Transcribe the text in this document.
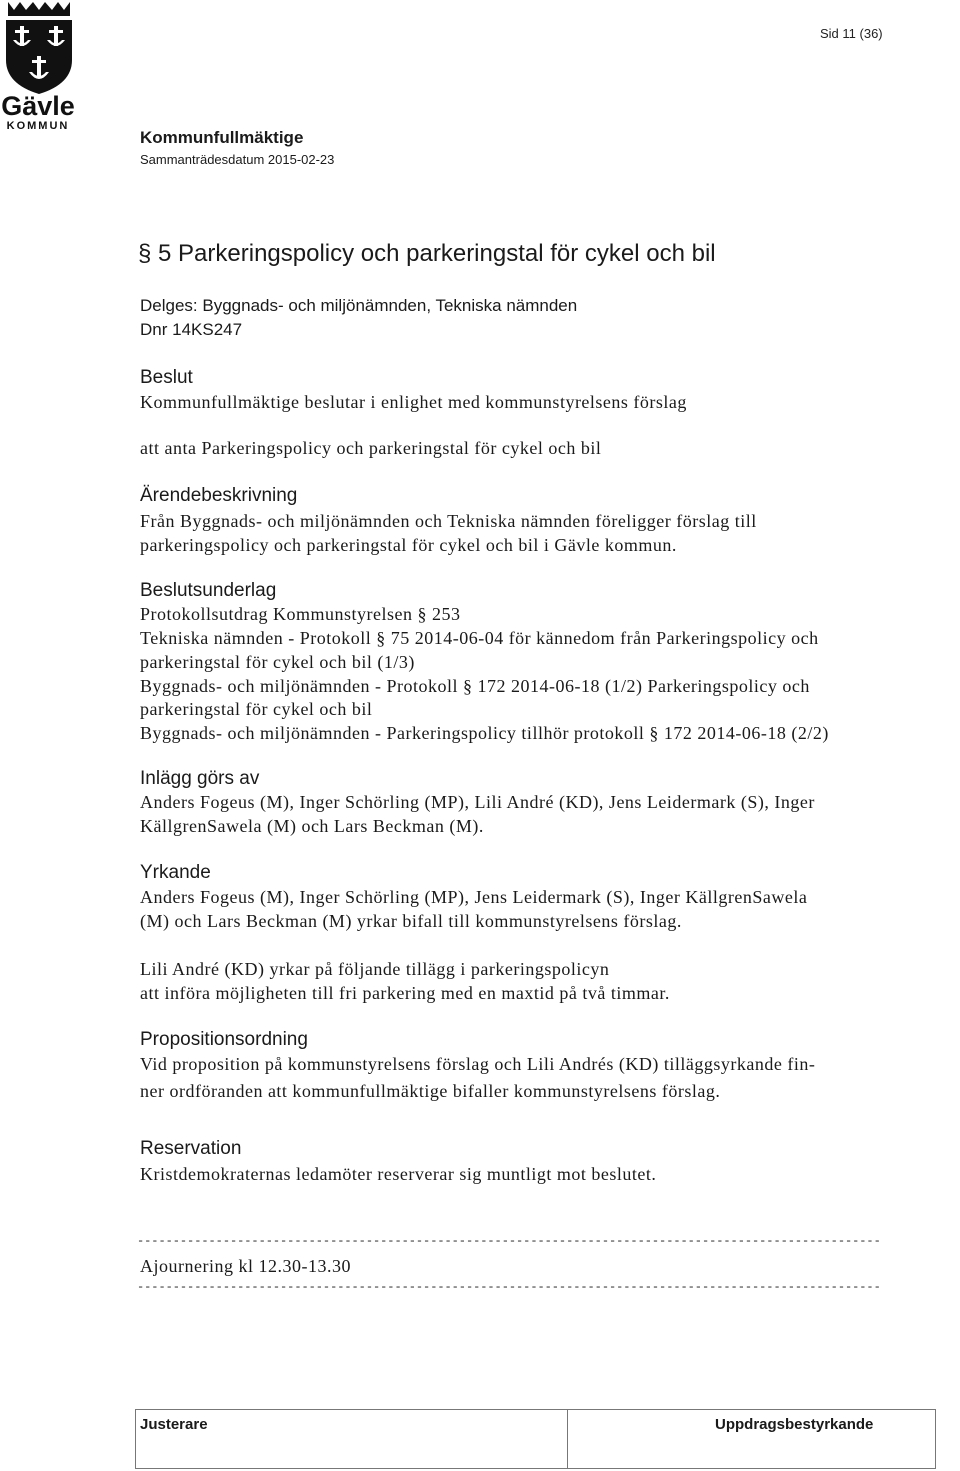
Gävle
KOMMUN
Sid 11 (36)
Kommunfullmäktige
Sammanträdesdatum 2015-02-23
§ 5 Parkeringspolicy och parkeringstal för cykel och bil
Delges: Byggnads- och miljönämnden, Tekniska nämnden
Dnr 14KS247
Beslut
Kommunfullmäktige beslutar i enlighet med kommunstyrelsens förslag
att anta Parkeringspolicy och parkeringstal för cykel och bil
Ärendebeskrivning
Från Byggnads- och miljönämnden och Tekniska nämnden föreligger förslag till
parkeringspolicy och parkeringstal för cykel och bil i Gävle kommun.
Beslutsunderlag
Protokollsutdrag Kommunstyrelsen § 253
Tekniska nämnden - Protokoll § 75 2014-06-04 för kännedom från Parkeringspolicy och
parkeringstal för cykel och bil (1/3)
Byggnads- och miljönämnden - Protokoll § 172 2014-06-18 (1/2) Parkeringspolicy och
parkeringstal för cykel och bil
Byggnads- och miljönämnden - Parkeringspolicy tillhör protokoll § 172 2014-06-18 (2/2)
Inlägg görs av
Anders Fogeus (M), Inger Schörling (MP), Lili André (KD), Jens Leidermark (S), Inger
KällgrenSawela (M) och Lars Beckman (M).
Yrkande
Anders Fogeus (M), Inger Schörling (MP), Jens Leidermark (S), Inger KällgrenSawela
(M) och Lars Beckman (M) yrkar bifall till kommunstyrelsens förslag.
Lili André (KD) yrkar på följande tillägg i parkeringspolicyn
att införa möjligheten till fri parkering med en maxtid på två timmar.
Propositionsordning
Vid proposition på kommunstyrelsens förslag och Lili Andrés (KD) tilläggsyrkande fin-
ner ordföranden att kommunfullmäktige bifaller kommunstyrelsens förslag.
Reservation
Kristdemokraternas ledamöter reserverar sig muntligt mot beslutet.
--------------------------------------------------------------------------------------------------------
Ajournering kl 12.30-13.30
--------------------------------------------------------------------------------------------------------
Justerare	Uppdragsbestyrkande
